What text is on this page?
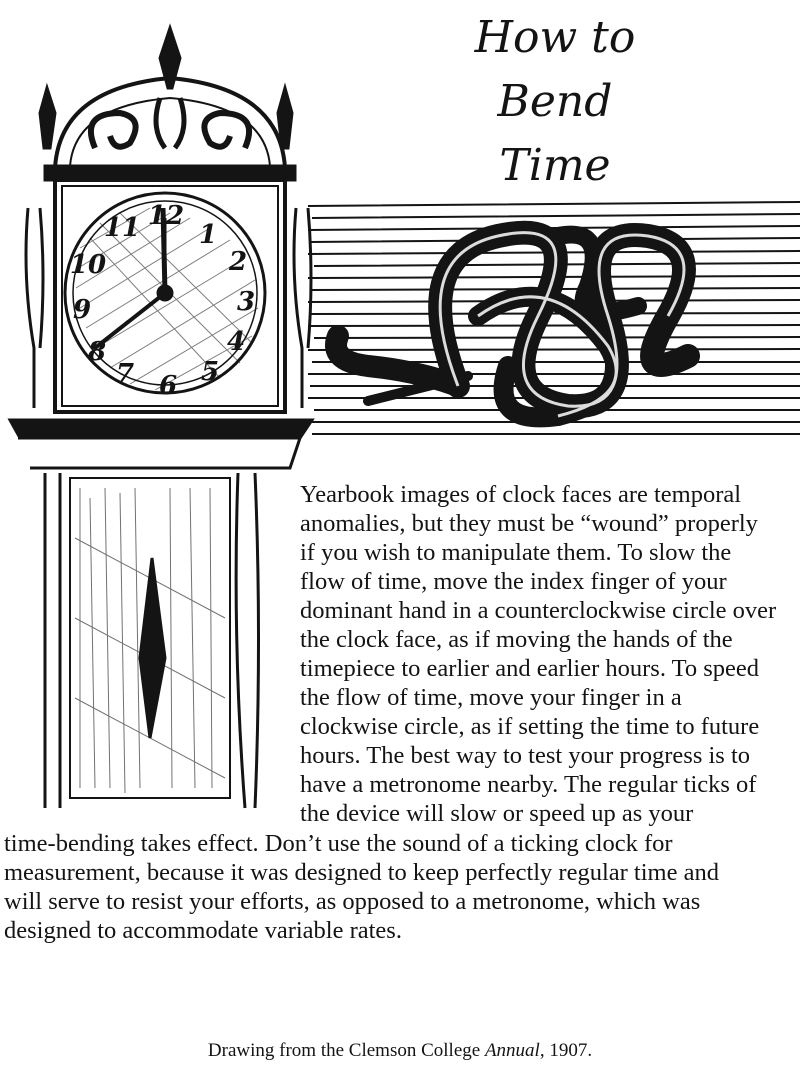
How to
Bend
Time
1
2
3
4
5
6
7
8
9
10
11 12

Yearbook images of clock faces are temporal
anomalies, but they must be “wound” properly
if you wish to manipulate them. To slow the
flow of time, move the index finger of your
dominant hand in a counterclockwise circle over
the clock face, as if moving the hands of the
timepiece to earlier and earlier hours. To speed
the flow of time, move your finger in a
clockwise circle, as if setting the time to future
hours. The best way to test your progress is to
have a metronome nearby. The regular ticks of
the device will slow or speed up as your

time-bending takes effect. Don’t use the sound of a ticking clock for
measurement, because it was designed to keep perfectly regular time and
will serve to resist your efforts, as opposed to a metronome, which was
designed to accommodate variable rates.

Drawing from the Clemson College Annual, 1907.
